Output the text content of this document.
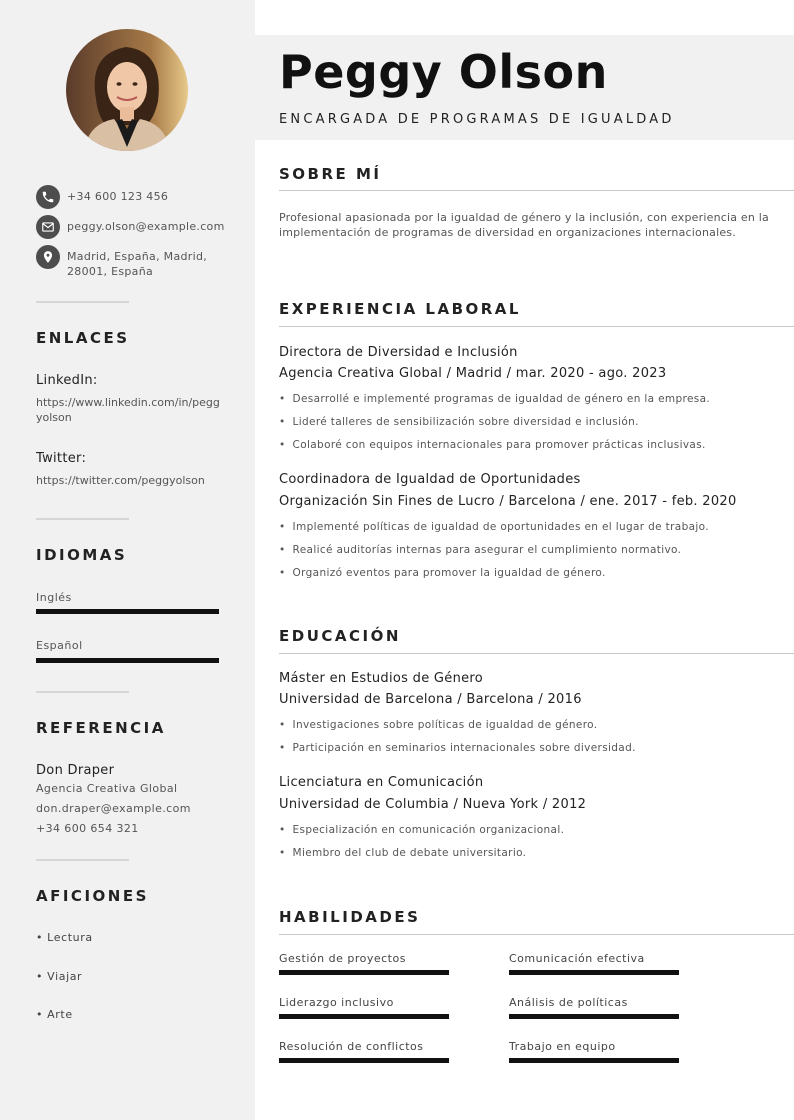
+34 600 123 456
peggy.olson@example.com
Madrid, España, Madrid, 28001, España
ENLACES
LinkedIn:
https://www.linkedin.com/in/peggyolson
Twitter:
https://twitter.com/peggyolson
IDIOMAS
Inglés
Español
REFERENCIA
Don Draper
Agencia Creativa Global
don.draper@example.com
+34 600 654 321
AFICIONES
• Lectura
• Viajar
• Arte
Peggy Olson
ENCARGADA DE PROGRAMAS DE IGUALDAD
SOBRE MÍ
Profesional apasionada por la igualdad de género y la inclusión, con experiencia en la implementación de programas de diversidad en organizaciones internacionales.
EXPERIENCIA LABORAL
Directora de Diversidad e Inclusión
Agencia Creativa Global / Madrid / mar. 2020 - ago. 2023
• Desarrollé e implementé programas de igualdad de género en la empresa.
• Lideré talleres de sensibilización sobre diversidad e inclusión.
• Colaboré con equipos internacionales para promover prácticas inclusivas.
Coordinadora de Igualdad de Oportunidades
Organización Sin Fines de Lucro / Barcelona / ene. 2017 - feb. 2020
• Implementé políticas de igualdad de oportunidades en el lugar de trabajo.
• Realicé auditorías internas para asegurar el cumplimiento normativo.
• Organizó eventos para promover la igualdad de género.
EDUCACIÓN
Máster en Estudios de Género
Universidad de Barcelona / Barcelona / 2016
• Investigaciones sobre políticas de igualdad de género.
• Participación en seminarios internacionales sobre diversidad.
Licenciatura en Comunicación
Universidad de Columbia / Nueva York / 2012
• Especialización en comunicación organizacional.
• Miembro del club de debate universitario.
HABILIDADES
Gestión de proyectos	Comunicación efectiva
Liderazgo inclusivo	Análisis de políticas
Resolución de conflictos	Trabajo en equipo
